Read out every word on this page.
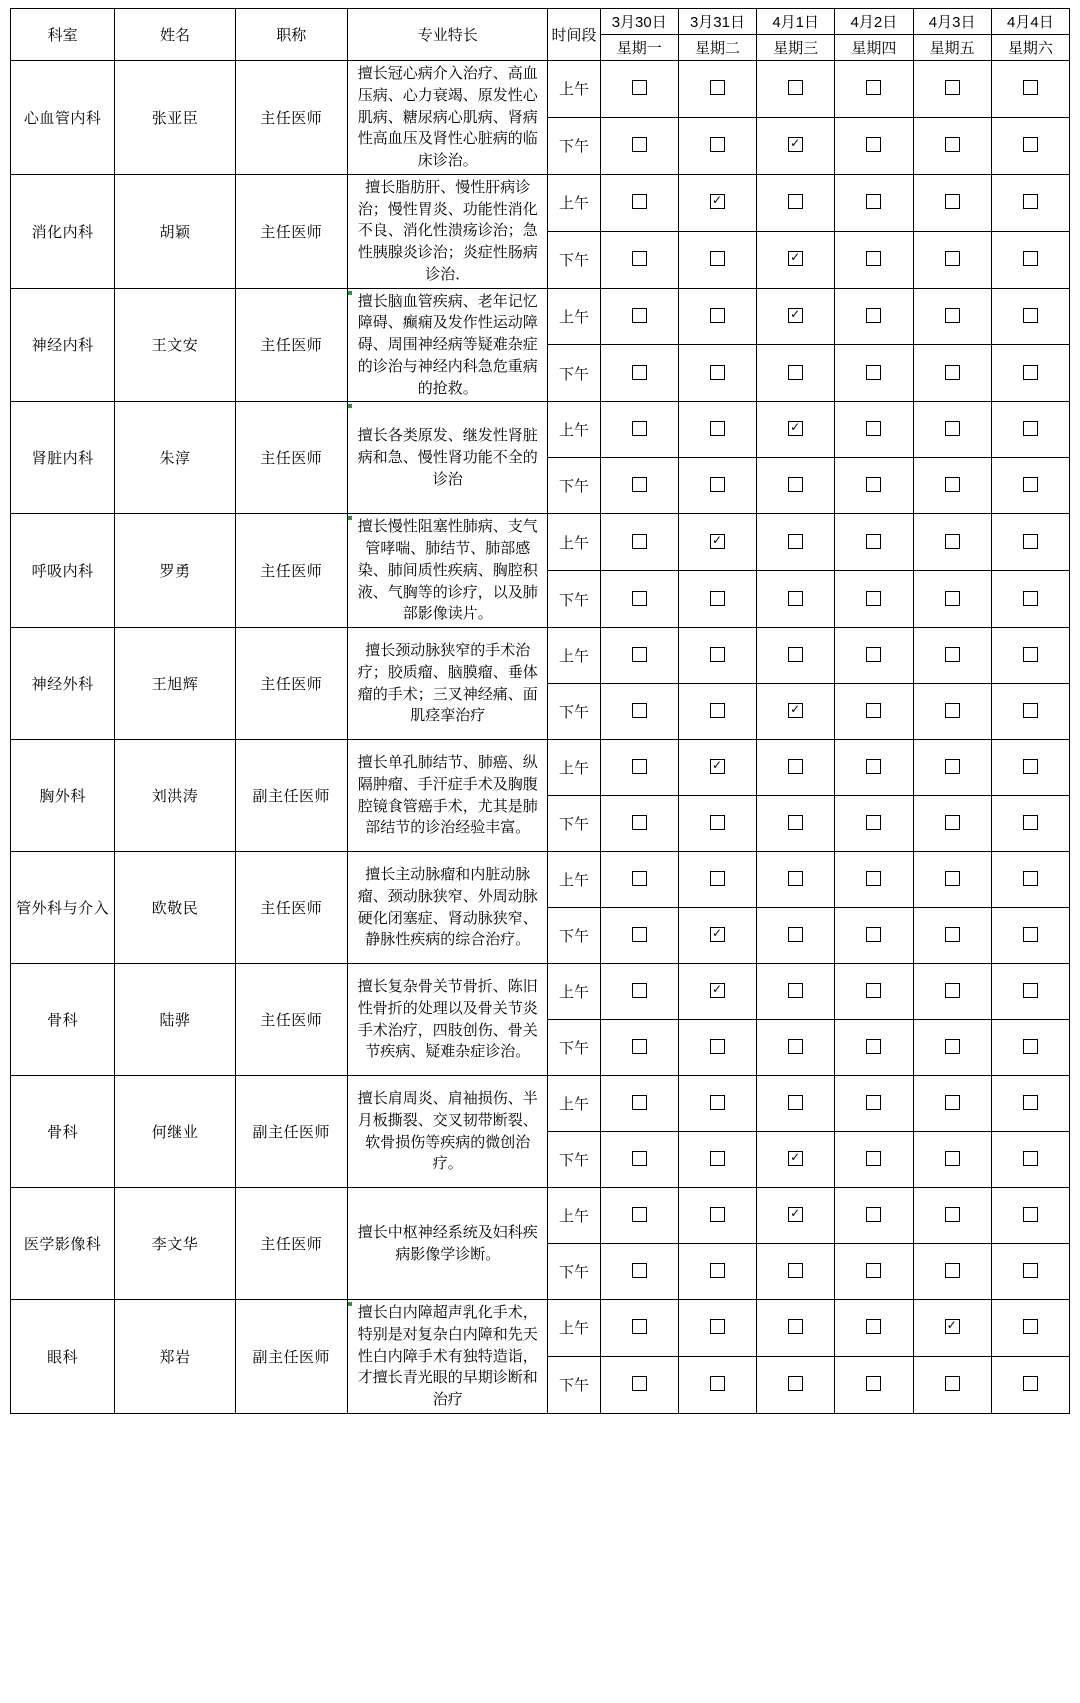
科室	姓名	职称	专业特长	时间段	3月30日	3月31日	4月1日	4月2日	4月3日	4月4日
					星期一	星期二	星期三	星期四	星期五	星期六
心血管内科	张亚臣	主任医师	擅长冠心病介入治疗、高血压病、心力衰竭、原发性心肌病、糖尿病心肌病、肾病性高血压及肾性心脏病的临床诊治。	上午						
				下午			✓			
消化内科	胡颖	主任医师	擅长脂肪肝、慢性肝病诊治；慢性胃炎、功能性消化不良、消化性溃疡诊治；急性胰腺炎诊治；炎症性肠病诊治．	上午		✓				
				下午			✓			
神经内科	王文安	主任医师	擅长脑血管疾病、老年记忆障碍、癫痫及发作性运动障碍、周围神经病等疑难杂症的诊治与神经内科急危重病的抢救。	上午			✓			
				下午						
肾脏内科	朱淳	主任医师	擅长各类原发、继发性肾脏病和急、慢性肾功能不全的诊治	上午			✓			
				下午						
呼吸内科	罗勇	主任医师	擅长慢性阻塞性肺病、支气管哮喘、肺结节、肺部感染、肺间质性疾病、胸腔积液、气胸等的诊疗，以及肺部影像读片。	上午		✓				
				下午						
神经外科	王旭辉	主任医师	擅长颈动脉狭窄的手术治疗；胶质瘤、脑膜瘤、垂体瘤的手术；三叉神经痛、面肌痉挛治疗	上午						
				下午			✓			
胸外科	刘洪涛	副主任医师	擅长单孔肺结节、肺癌、纵隔肿瘤、手汗症手术及胸腹腔镜食管癌手术，尤其是肺部结节的诊治经验丰富。	上午		✓				
				下午						
管外科与介入	欧敬民	主任医师	擅长主动脉瘤和内脏动脉瘤、颈动脉狭窄、外周动脉硬化闭塞症、肾动脉狭窄、静脉性疾病的综合治疗。	上午						
				下午		✓				
骨科	陆骅	主任医师	擅长复杂骨关节骨折、陈旧性骨折的处理以及骨关节炎手术治疗，四肢创伤、骨关节疾病、疑难杂症诊治。	上午		✓				
				下午						
骨科	何继业	副主任医师	擅长肩周炎、肩袖损伤、半月板撕裂、交叉韧带断裂、软骨损伤等疾病的微创治疗。	上午						
				下午			✓			
医学影像科	李文华	主任医师	擅长中枢神经系统及妇科疾病影像学诊断。	上午			✓			
				下午						
眼科	郑岩	副主任医师	擅长白内障超声乳化手术，特别是对复杂白内障和先天性白内障手术有独特造诣，才擅长青光眼的早期诊断和治疗	上午					✓	
				下午						
